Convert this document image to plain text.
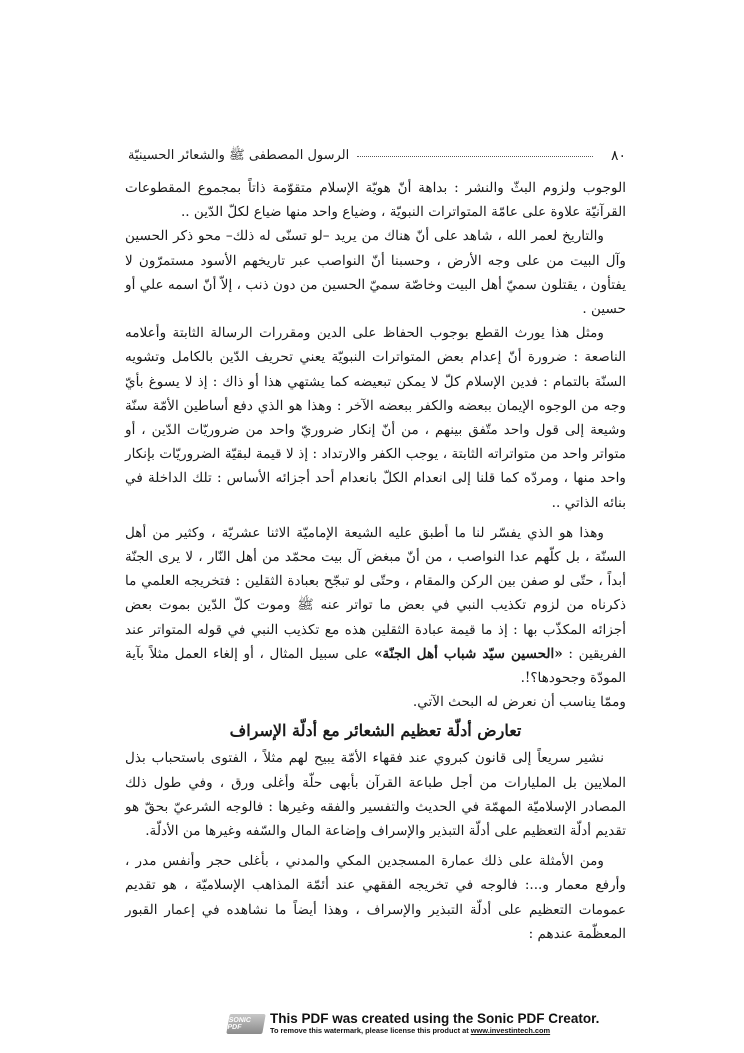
٨٠
الرسول المصطفى ﷺ والشعائر الحسينيّة

الوجوب ولزوم البثّ والنشر : بداهة أنّ هويّة الإسلام متقوّمة ذاتاً بمجموع المقطوعات القرآنيّة علاوة على عامّة المتواترات النبويّة ، وضياع واحد منها ضياع لكلّ الدّين ..

والتاريخ لعمر الله ، شاهد على أنّ هناك من يريد –لو تسنّى له ذلك– محو ذكر الحسين وآل البيت من على وجه الأرض ، وحسبنا أنّ النواصب عبر تاريخهم الأسود مستمرّون لا يفتأون ، يقتلون سميّ أهل البيت وخاصّة سميّ الحسين من دون ذنب ، إلاّ أنّ اسمه علي أو حسين .

ومثل هذا يورث القطع بوجوب الحفاظ على الدين ومقررات الرسالة الثابتة وأعلامه الناصعة : ضرورة أنّ إعدام بعض المتواترات النبويّة يعني تحريف الدّين بالكامل وتشويه السنّة بالتمام : فدين الإسلام كلّ لا يمكن تبعيضه كما يشتهي هذا أو ذاك : إذ لا يسوغ بأيّ وجه من الوجوه الإيمان ببعضه والكفر ببعضه الآخر : وهذا هو الذي دفع أساطين الأمّة سنّة وشيعة إلى قول واحد متّفق بينهم ، من أنّ إنكار ضروريّ واحد من ضروريّات الدّين ، أو متواتر واحد من متواتراته الثابتة ، يوجب الكفر والارتداد : إذ لا قيمة لبقيّة الضروريّات بإنكار واحد منها ، ومردّه كما قلنا إلى انعدام الكلّ بانعدام أحد أجزائه الأساس : تلك الداخلة في بنائه الذاتي ..

وهذا هو الذي يفسّر لنا ما أطبق عليه الشيعة الإماميّة الاثنا عشريّة ، وكثير من أهل السنّة ، بل كلّهم عدا النواصب ، من أنّ مبغض آل بيت محمّد من أهل النّار ، لا يرى الجنّة أبداً ، حتّى لو صفن بين الركن والمقام ، وحتّى لو تبجّح بعبادة الثقلين : فتخريجه العلمي ما ذكرناه من لزوم تكذيب النبي في بعض ما تواتر عنه ﷺ وموت كلّ الدّين بموت بعض أجزائه المكذّب بها : إذ ما قيمة عبادة الثقلين هذه مع تكذيب النبي في قوله المتواتر عند الفريقين : «الحسين سيّد شباب أهل الجنّة» على سبيل المثال ، أو إلغاء العمل مثلاً بآية المودّة وجحودها؟!.

وممّا يناسب أن نعرض له البحث الآتي.

تعارض أدلّة تعظيم الشعائر مع أدلّة الإسراف

نشير سريعاً إلى قانون كبروي عند فقهاء الأمّة يبيح لهم مثلاً ، الفتوى باستحباب بذل الملايين بل المليارات من أجل طباعة القرآن بأبهى حلّة وأغلى ورق ، وفي طول ذلك المصادر الإسلاميّة المهمّة في الحديث والتفسير والفقه وغيرها : فالوجه الشرعيّ بحقّ هو تقديم أدلّة التعظيم على أدلّة التبذير والإسراف وإضاعة المال والسّفه وغيرها من الأدلّة.

ومن الأمثلة على ذلك عمارة المسجدين المكي والمدني ، بأغلى حجر وأنفس مدر ، وأرفع معمار و...: فالوجه في تخريجه الفقهي عند أئمّة المذاهب الإسلاميّة ، هو تقديم عمومات التعظيم على أدلّة التبذير والإسراف ، وهذا أيضاً ما نشاهده في إعمار القبور المعظّمة عندهم :

SONIC PDF
This PDF was created using the Sonic PDF Creator.
To remove this watermark, please license this product at www.investintech.com
